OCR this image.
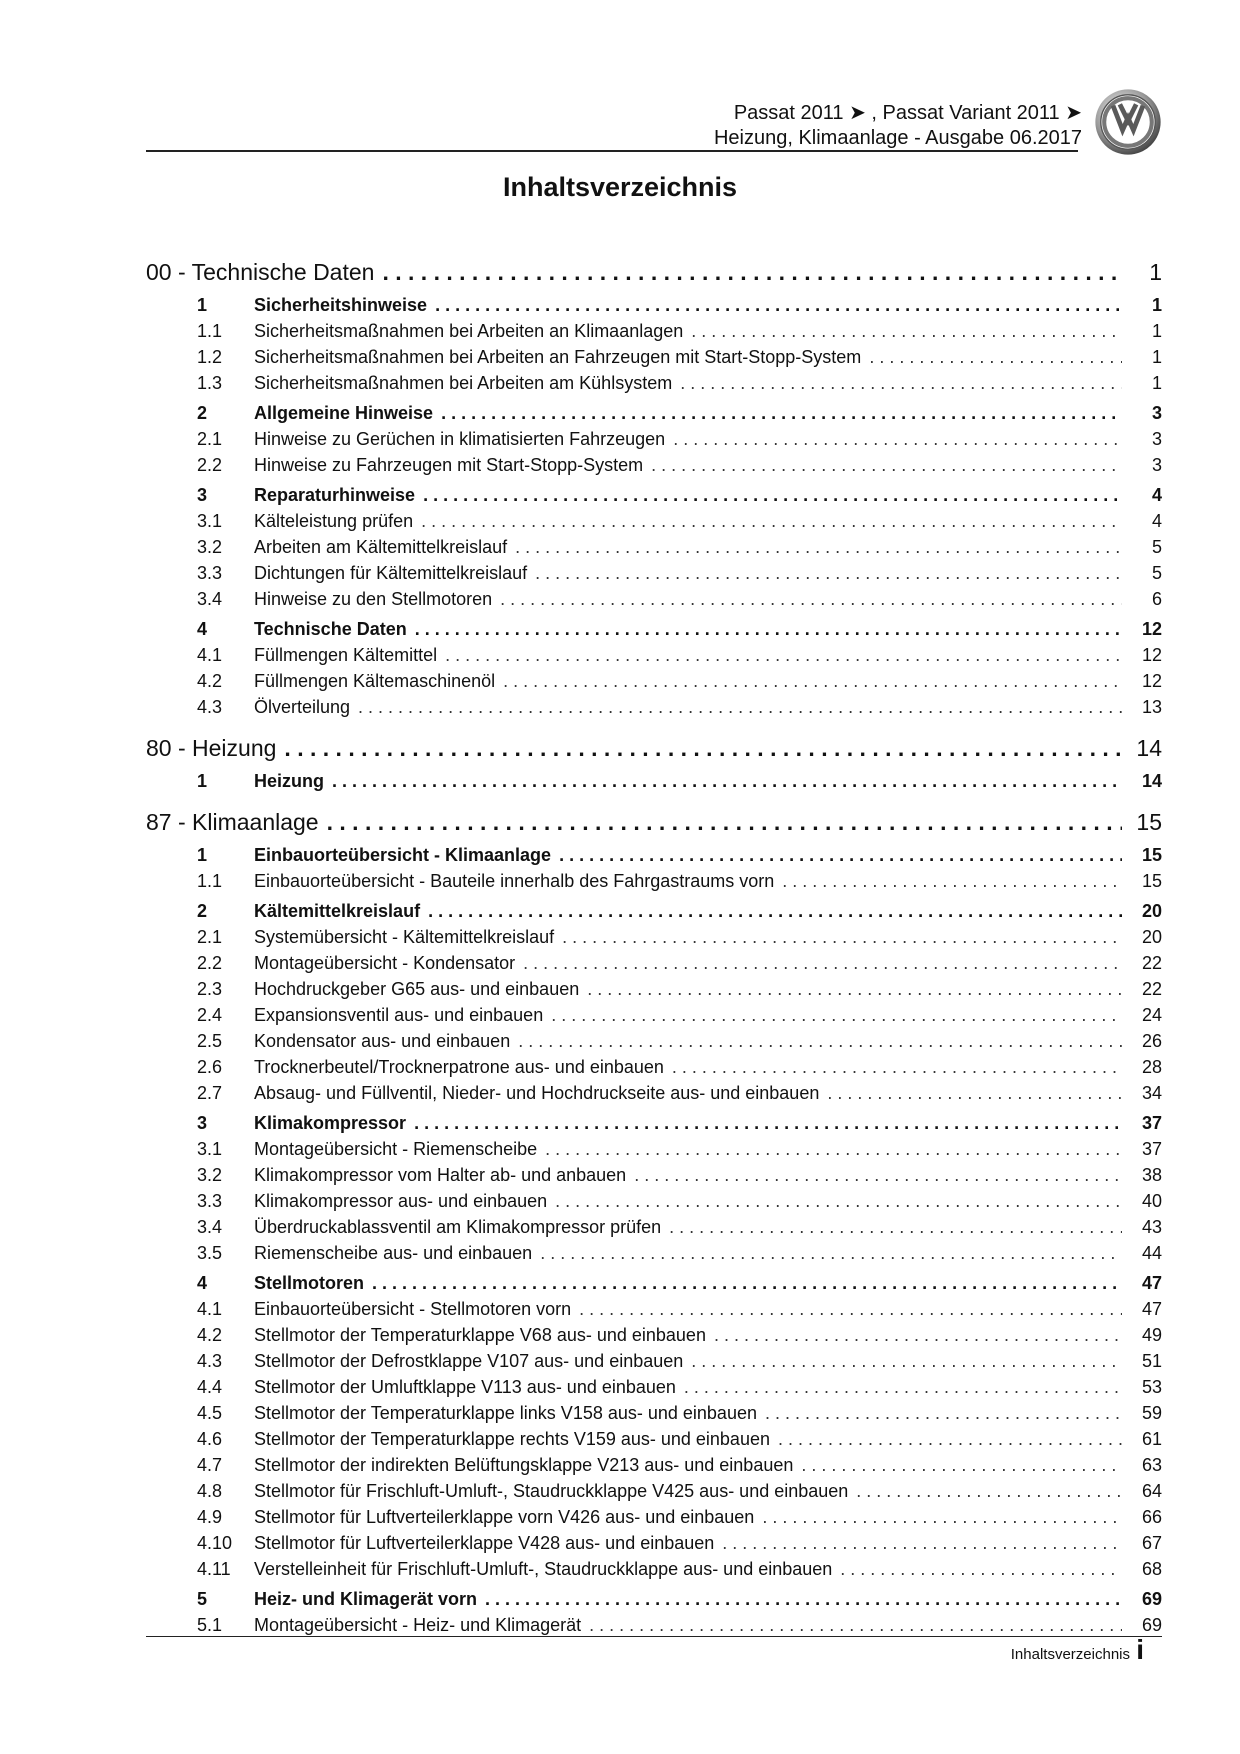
Passat 2011 ➤ , Passat Variant 2011 ➤
Heizung, Klimaanlage - Ausgabe 06.2017
Inhaltsverzeichnis
00 - Technische Daten . . .	1
1	Sicherheitshinweise . . .	1
1.1	Sicherheitsmaßnahmen bei Arbeiten an Klimaanlagen . . .	1
1.2	Sicherheitsmaßnahmen bei Arbeiten an Fahrzeugen mit Start-Stopp-System . . .	1
1.3	Sicherheitsmaßnahmen bei Arbeiten am Kühlsystem . . .	1
2	Allgemeine Hinweise . . .	3
2.1	Hinweise zu Gerüchen in klimatisierten Fahrzeugen . . .	3
2.2	Hinweise zu Fahrzeugen mit Start-Stopp-System . . .	3
3	Reparaturhinweise . . .	4
3.1	Kälteleistung prüfen . . .	4
3.2	Arbeiten am Kältemittelkreislauf . . .	5
3.3	Dichtungen für Kältemittelkreislauf . . .	5
3.4	Hinweise zu den Stellmotoren . . .	6
4	Technische Daten . . .	12
4.1	Füllmengen Kältemittel . . .	12
4.2	Füllmengen Kältemaschinenöl . . .	12
4.3	Ölverteilung . . .	13
80 - Heizung . . .	14
1	Heizung . . .	14
87 - Klimaanlage . . .	15
1	Einbauorteübersicht - Klimaanlage . . .	15
1.1	Einbauorteübersicht - Bauteile innerhalb des Fahrgastraums vorn . . .	15
2	Kältemittelkreislauf . . .	20
2.1	Systemübersicht - Kältemittelkreislauf . . .	20
2.2	Montageübersicht - Kondensator . . .	22
2.3	Hochdruckgeber G65 aus- und einbauen . . .	22
2.4	Expansionsventil aus- und einbauen . . .	24
2.5	Kondensator aus- und einbauen . . .	26
2.6	Trocknerbeutel/Trocknerpatrone aus- und einbauen . . .	28
2.7	Absaug- und Füllventil, Nieder- und Hochdruckseite aus- und einbauen . . .	34
3	Klimakompressor . . .	37
3.1	Montageübersicht - Riemenscheibe . . .	37
3.2	Klimakompressor vom Halter ab- und anbauen . . .	38
3.3	Klimakompressor aus- und einbauen . . .	40
3.4	Überdruckablassventil am Klimakompressor prüfen . . .	43
3.5	Riemenscheibe aus- und einbauen . . .	44
4	Stellmotoren . . .	47
4.1	Einbauorteübersicht - Stellmotoren vorn . . .	47
4.2	Stellmotor der Temperaturklappe V68 aus- und einbauen . . .	49
4.3	Stellmotor der Defrostklappe V107 aus- und einbauen . . .	51
4.4	Stellmotor der Umluftklappe V113 aus- und einbauen . . .	53
4.5	Stellmotor der Temperaturklappe links V158 aus- und einbauen . . .	59
4.6	Stellmotor der Temperaturklappe rechts V159 aus- und einbauen . . .	61
4.7	Stellmotor der indirekten Belüftungsklappe V213 aus- und einbauen . . .	63
4.8	Stellmotor für Frischluft-Umluft-, Staudruckklappe V425 aus- und einbauen . . .	64
4.9	Stellmotor für Luftverteilerklappe vorn V426 aus- und einbauen . . .	66
4.10	Stellmotor für Luftverteilerklappe V428 aus- und einbauen . . .	67
4.11	Verstelleinheit für Frischluft-Umluft-, Staudruckklappe aus- und einbauen . . .	68
5	Heiz- und Klimagerät vorn . . .	69
5.1	Montageübersicht - Heiz- und Klimagerät . . .	69
Inhaltsverzeichnis i
